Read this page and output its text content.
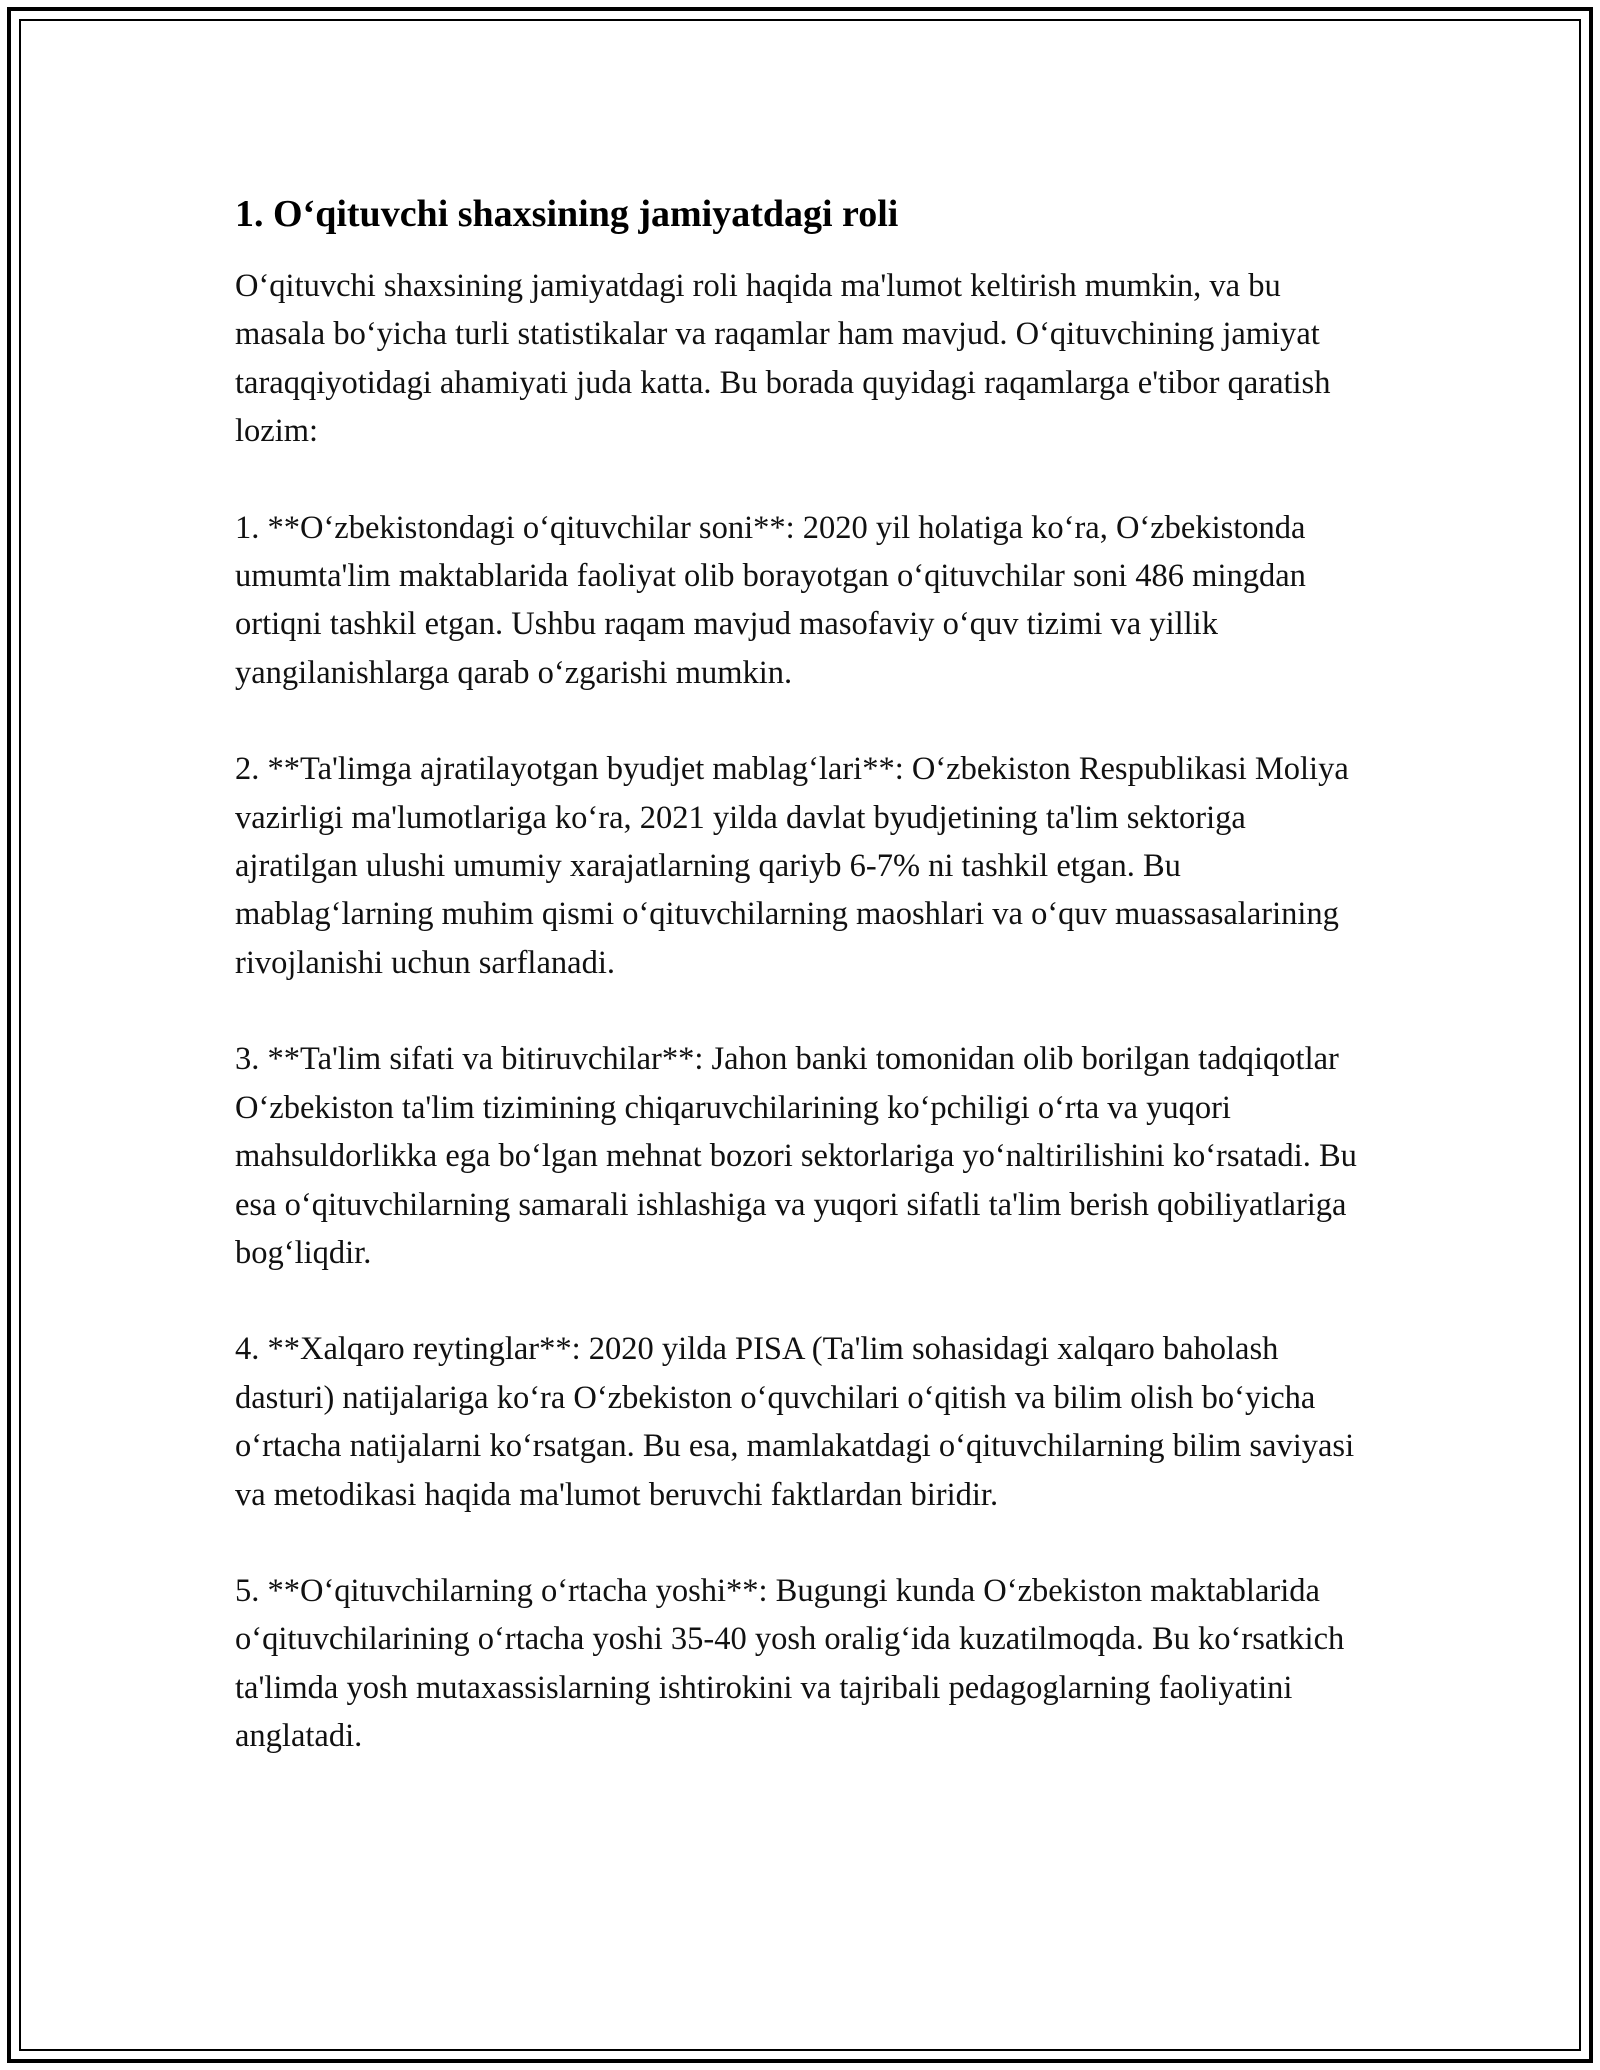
1. Oʻqituvchi shaxsining jamiyatdagi roli

Oʻqituvchi shaxsining jamiyatdagi roli haqida ma'lumot keltirish mumkin, va bu masala boʻyicha turli statistikalar va raqamlar ham mavjud. Oʻqituvchining jamiyat taraqqiyotidagi ahamiyati juda katta. Bu borada quyidagi raqamlarga e'tibor qaratish lozim:

1. **Oʻzbekistondagi oʻqituvchilar soni**: 2020 yil holatiga koʻra, Oʻzbekistonda umumta'lim maktablarida faoliyat olib borayotgan oʻqituvchilar soni 486 mingdan ortiqni tashkil etgan. Ushbu raqam mavjud masofaviy oʻquv tizimi va yillik yangilanishlarga qarab oʻzgarishi mumkin.

2. **Ta'limga ajratilayotgan byudjet mablagʻlari**: Oʻzbekiston Respublikasi Moliya vazirligi ma'lumotlariga koʻra, 2021 yilda davlat byudjetining ta'lim sektoriga ajratilgan ulushi umumiy xarajatlarning qariyb 6-7% ni tashkil etgan. Bu mablagʻlarning muhim qismi oʻqituvchilarning maoshlari va oʻquv muassasalarining rivojlanishi uchun sarflanadi.

3. **Ta'lim sifati va bitiruvchilar**: Jahon banki tomonidan olib borilgan tadqiqotlar Oʻzbekiston ta'lim tizimining chiqaruvchilarining koʻpchiligi oʻrta va yuqori mahsuldorlikka ega boʻlgan mehnat bozori sektorlariga yoʻnaltirilishini koʻrsatadi. Bu esa oʻqituvchilarning samarali ishlashiga va yuqori sifatli ta'lim berish qobiliyatlariga bogʻliqdir.

4. **Xalqaro reytinglar**: 2020 yilda PISA (Ta'lim sohasidagi xalqaro baholash dasturi) natijalariga koʻra Oʻzbekiston oʻquvchilari oʻqitish va bilim olish boʻyicha oʻrtacha natijalarni koʻrsatgan. Bu esa, mamlakatdagi oʻqituvchilarning bilim saviyasi va metodikasi haqida ma'lumot beruvchi faktlardan biridir.

5. **Oʻqituvchilarning oʻrtacha yoshi**: Bugungi kunda Oʻzbekiston maktablarida oʻqituvchilarining oʻrtacha yoshi 35-40 yosh oraligʻida kuzatilmoqda. Bu koʻrsatkich ta'limda yosh mutaxassislarning ishtirokini va tajribali pedagoglarning faoliyatini anglatadi.
